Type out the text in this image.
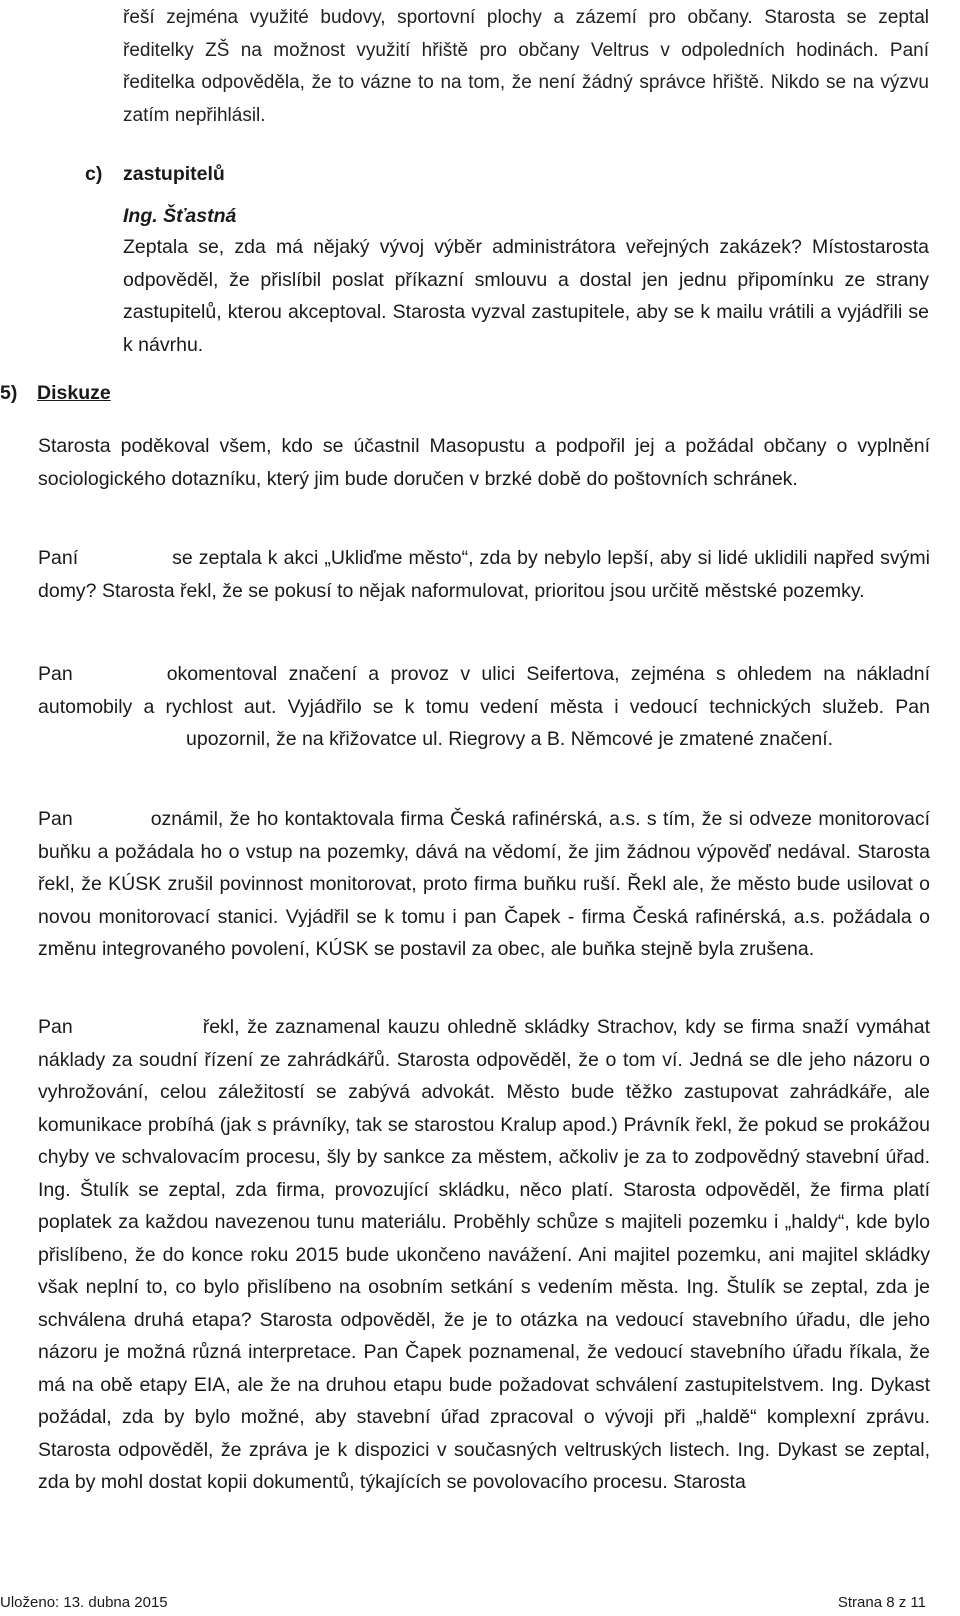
řeší zejména využité budovy, sportovní plochy a zázemí pro občany. Starosta se zeptal ředitelky ZŠ na možnost využití hřiště pro občany Veltrus v odpoledních hodinách. Paní ředitelka odpověděla, že to vázne to na tom, že není žádný správce hřiště. Nikdo se na výzvu zatím nepřihlásil.

c) zastupitelů
Ing. Šťastná

Zeptala se, zda má nějaký vývoj výběr administrátora veřejných zakázek? Místostarosta odpověděl, že přislíbil poslat příkazní smlouvu a dostal jen jednu připomínku ze strany zastupitelů, kterou akceptoval. Starosta vyzval zastupitele, aby se k mailu vrátili a vyjádřili se k návrhu.

5) Diskuze

Starosta poděkoval všem, kdo se účastnil Masopustu a podpořil jej a požádal občany o vyplnění sociologického dotazníku, který jim bude doručen v brzké době do poštovních schránek.

Paní	se zeptala k akci „Ukliďme město“, zda by nebylo lepší, aby si lidé uklidili napřed svými domy? Starosta řekl, že se pokusí to nějak naformulovat, prioritou jsou určitě městské pozemky.

Pan	okomentoval značení a provoz v ulici Seifertova, zejména s ohledem na nákladní automobily a rychlost aut. Vyjádřilo se k tomu vedení města i vedoucí technických služeb. Panupozornil, že na křižovatce ul. Riegrovy a B. Němcové je zmatené značení.

Pan	oznámil, že ho kontaktovala firma Česká rafinérská, a.s. s tím, že si odveze monitorovací buňku a požádala ho o vstup na pozemky, dává na vědomí, že jim žádnou výpověď nedával. Starosta řekl, že KÚSK zrušil povinnost monitorovat, proto firma buňku ruší. Řekl ale, že město bude usilovat o novou monitorovací stanici. Vyjádřil se k tomu i pan Čapek - firma Česká rafinérská, a.s. požádala o změnu integrovaného povolení, KÚSK se postavil za obec, ale buňka stejně byla zrušena.

Pan	řekl, že zaznamenal kauzu ohledně skládky Strachov, kdy se firma snaží vymáhat náklady za soudní řízení ze zahrádkářů. Starosta odpověděl, že o tom ví. Jedná se dle jeho názoru o vyhrožování, celou záležitostí se zabývá advokát. Město bude těžko zastupovat zahrádkáře, ale komunikace probíhá (jak s právníky, tak se starostou Kralup apod.) Právník řekl, že pokud se prokážou chyby ve schvalovacím procesu, šly by sankce za městem, ačkoliv je za to zodpovědný stavební úřad. Ing. Štulík se zeptal, zda firma, provozující skládku, něco platí. Starosta odpověděl, že firma platí poplatek za každou navezenou tunu materiálu. Proběhly schůze s majiteli pozemku i „haldy“, kde bylo přislíbeno, že do konce roku 2015 bude ukončeno navážení. Ani majitel pozemku, ani majitel skládky však neplní to, co bylo přislíbeno na osobním setkání s vedením města. Ing. Štulík se zeptal, zda je schválena druhá etapa? Starosta odpověděl, že je to otázka na vedoucí stavebního úřadu, dle jeho názoru je možná různá interpretace. Pan Čapek poznamenal, že vedoucí stavebního úřadu říkala, že má na obě etapy EIA, ale že na druhou etapu bude požadovat schválení zastupitelstvem. Ing. Dykast požádal, zda by bylo možné, aby stavební úřad zpracoval o vývoji při „haldě“ komplexní zprávu. Starosta odpověděl, že zpráva je k dispozici v současných veltruských listech. Ing. Dykast se zeptal, zda by mohl dostat kopii dokumentů, týkajících se povolovacího procesu. Starosta

Uloženo: 13. dubna 2015	Strana 8 z 11
